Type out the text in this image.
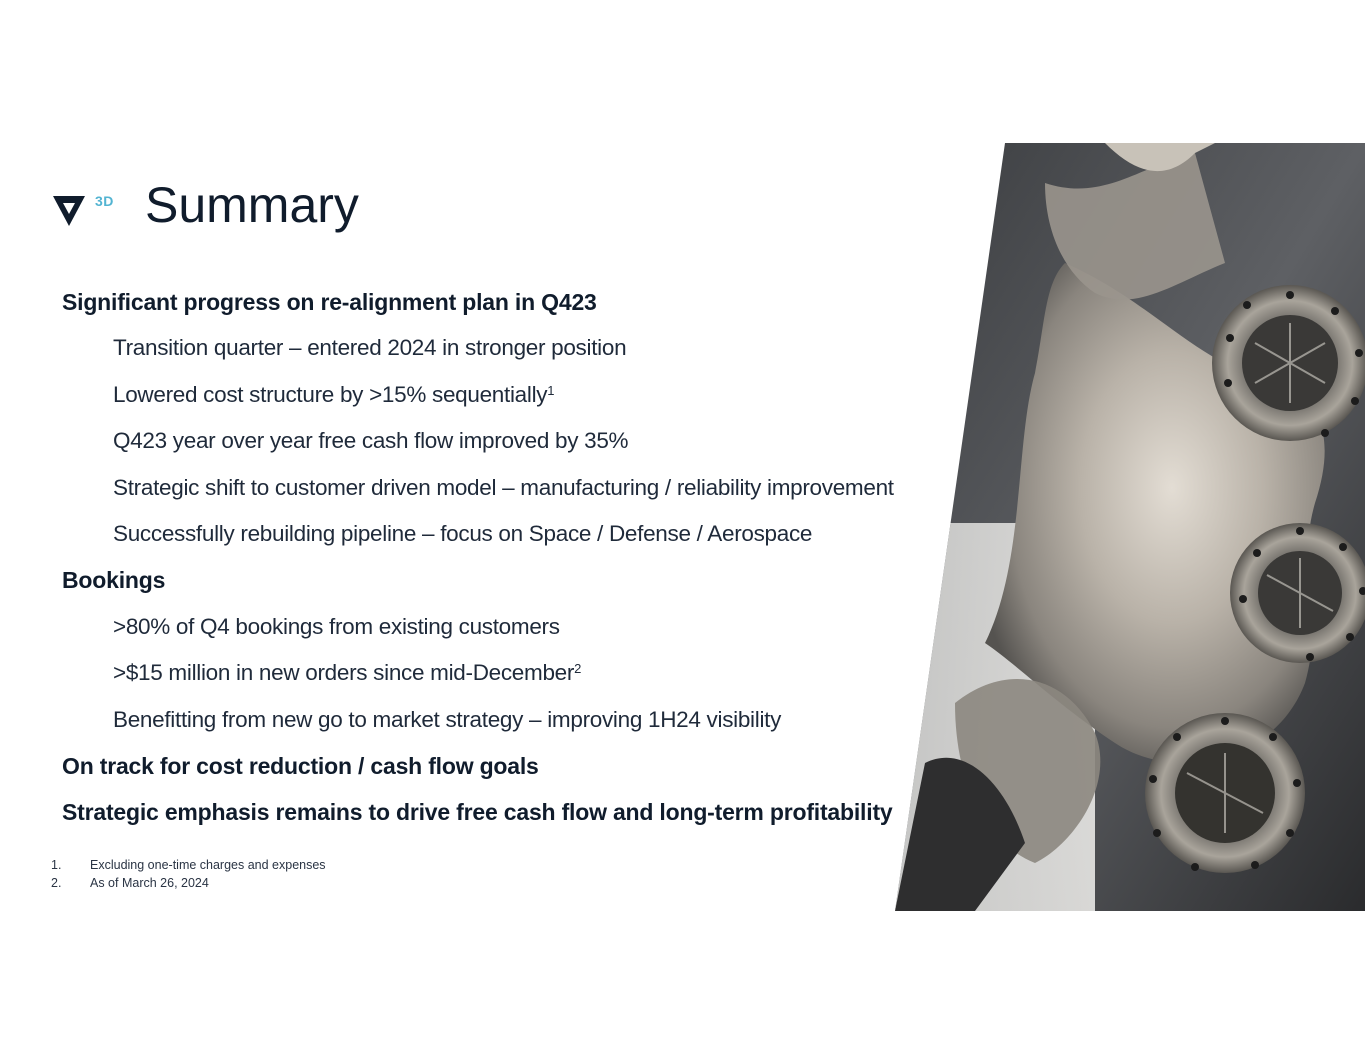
3D Summary
Significant progress on re-alignment plan in Q423
Transition quarter – entered 2024 in stronger position
Lowered cost structure by >15% sequentially$^1$
Q423 year over year free cash flow improved by 35%
Strategic shift to customer driven model – manufacturing / reliability improvement
Successfully rebuilding pipeline – focus on Space / Defense / Aerospace
Bookings
>80% of Q4 bookings from existing customers
>$15 million in new orders since mid-December$^2$
Benefitting from new go to market strategy – improving 1H24 visibility
On track for cost reduction / cash flow goals
Strategic emphasis remains to drive free cash flow and long-term profitability
1.	Excluding one-time charges and expenses
2.	As of March 26, 2024
